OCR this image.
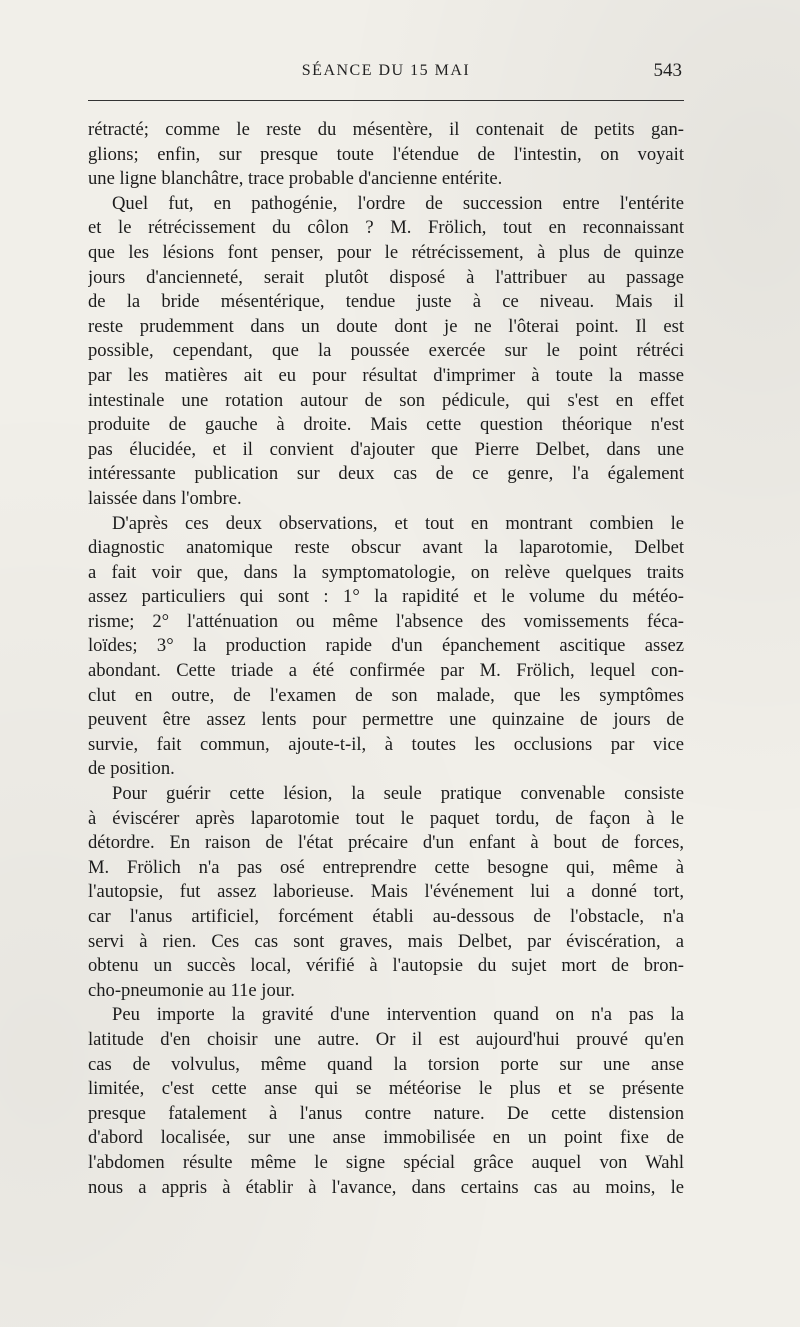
SÉANCE DU 15 MAI	543

rétracté; comme le reste du mésentère, il contenait de petits gan-
glions; enfin, sur presque toute l'étendue de l'intestin, on voyait
une ligne blanchâtre, trace probable d'ancienne entérite.

Quel fut, en pathogénie, l'ordre de succession entre l'entérite
et le rétrécissement du côlon ? M. Frölich, tout en reconnaissant
que les lésions font penser, pour le rétrécissement, à plus de quinze
jours d'ancienneté, serait plutôt disposé à l'attribuer au passage
de la bride mésentérique, tendue juste à ce niveau. Mais il
reste prudemment dans un doute dont je ne l'ôterai point. Il est
possible, cependant, que la poussée exercée sur le point rétréci
par les matières ait eu pour résultat d'imprimer à toute la masse
intestinale une rotation autour de son pédicule, qui s'est en effet
produite de gauche à droite. Mais cette question théorique n'est
pas élucidée, et il convient d'ajouter que Pierre Delbet, dans une
intéressante publication sur deux cas de ce genre, l'a également
laissée dans l'ombre.

D'après ces deux observations, et tout en montrant combien le
diagnostic anatomique reste obscur avant la laparotomie, Delbet
a fait voir que, dans la symptomatologie, on relève quelques traits
assez particuliers qui sont : 1° la rapidité et le volume du météo-
risme; 2° l'atténuation ou même l'absence des vomissements féca-
loïdes; 3° la production rapide d'un épanchement ascitique assez
abondant. Cette triade a été confirmée par M. Frölich, lequel con-
clut en outre, de l'examen de son malade, que les symptômes
peuvent être assez lents pour permettre une quinzaine de jours de
survie, fait commun, ajoute-t-il, à toutes les occlusions par vice
de position.

Pour guérir cette lésion, la seule pratique convenable consiste
à éviscérer après laparotomie tout le paquet tordu, de façon à le
détordre. En raison de l'état précaire d'un enfant à bout de forces,
M. Frölich n'a pas osé entreprendre cette besogne qui, même à
l'autopsie, fut assez laborieuse. Mais l'événement lui a donné tort,
car l'anus artificiel, forcément établi au-dessous de l'obstacle, n'a
servi à rien. Ces cas sont graves, mais Delbet, par éviscération, a
obtenu un succès local, vérifié à l'autopsie du sujet mort de bron-
cho-pneumonie au 11e jour.

Peu importe la gravité d'une intervention quand on n'a pas la
latitude d'en choisir une autre. Or il est aujourd'hui prouvé qu'en
cas de volvulus, même quand la torsion porte sur une anse
limitée, c'est cette anse qui se météorise le plus et se présente
presque fatalement à l'anus contre nature. De cette distension
d'abord localisée, sur une anse immobilisée en un point fixe de
l'abdomen résulte même le signe spécial grâce auquel von Wahl
nous a appris à établir à l'avance, dans certains cas au moins, le
